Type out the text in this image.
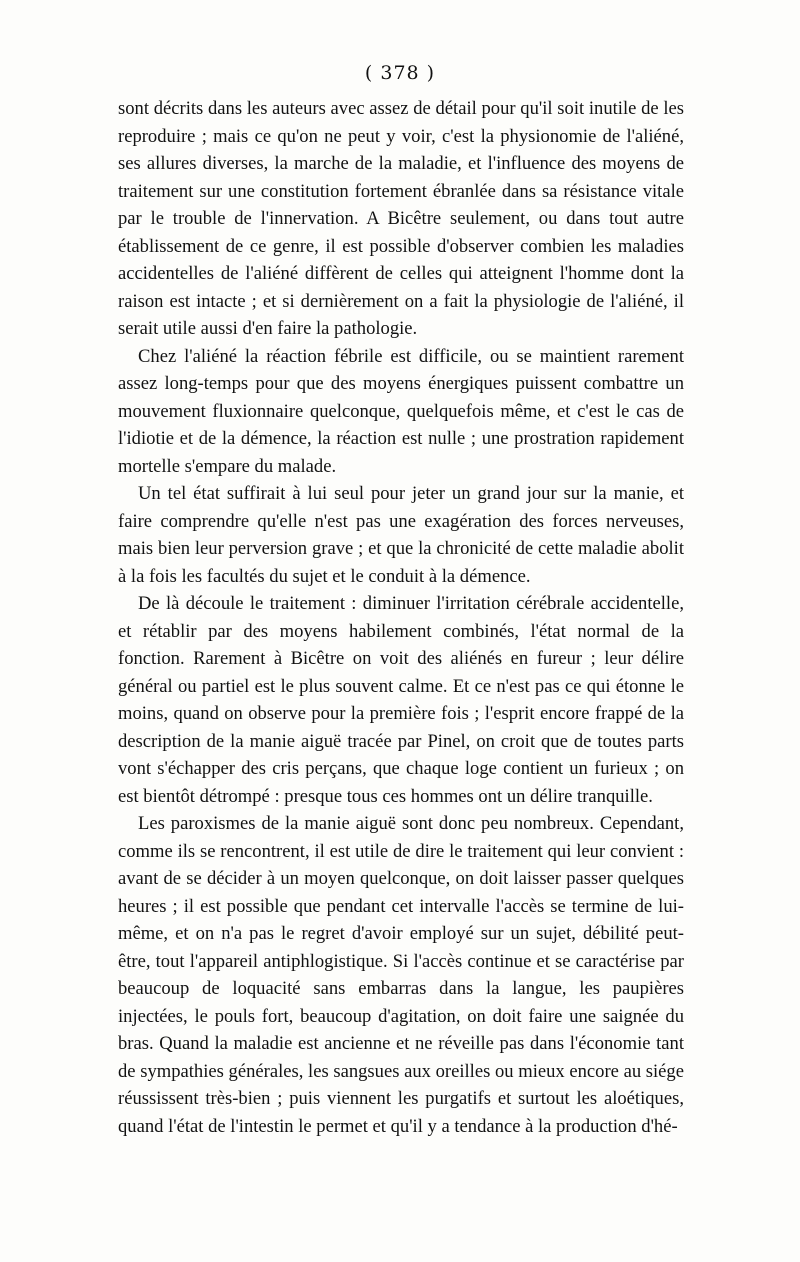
( 378 )

sont décrits dans les auteurs avec assez de détail pour qu'il soit inutile de les reproduire ; mais ce qu'on ne peut y voir, c'est la physionomie de l'aliéné, ses allures diverses, la marche de la maladie, et l'influence des moyens de traitement sur une constitution fortement ébranlée dans sa résistance vitale par le trouble de l'innervation. A Bicêtre seulement, ou dans tout autre établissement de ce genre, il est possible d'observer combien les maladies accidentelles de l'aliéné diffèrent de celles qui atteignent l'homme dont la raison est intacte ; et si dernièrement on a fait la physiologie de l'aliéné, il serait utile aussi d'en faire la pathologie.

Chez l'aliéné la réaction fébrile est difficile, ou se maintient rarement assez long-temps pour que des moyens énergiques puissent combattre un mouvement fluxionnaire quelconque, quelquefois même, et c'est le cas de l'idiotie et de la démence, la réaction est nulle ; une prostration rapidement mortelle s'empare du malade.

Un tel état suffirait à lui seul pour jeter un grand jour sur la manie, et faire comprendre qu'elle n'est pas une exagération des forces nerveuses, mais bien leur perversion grave ; et que la chronicité de cette maladie abolit à la fois les facultés du sujet et le conduit à la démence.

De là découle le traitement : diminuer l'irritation cérébrale accidentelle, et rétablir par des moyens habilement combinés, l'état normal de la fonction. Rarement à Bicêtre on voit des aliénés en fureur ; leur délire général ou partiel est le plus souvent calme. Et ce n'est pas ce qui étonne le moins, quand on observe pour la première fois ; l'esprit encore frappé de la description de la manie aiguë tracée par Pinel, on croit que de toutes parts vont s'échapper des cris perçans, que chaque loge contient un furieux ; on est bientôt détrompé : presque tous ces hommes ont un délire tranquille.

Les paroxismes de la manie aiguë sont donc peu nombreux. Cependant, comme ils se rencontrent, il est utile de dire le traitement qui leur convient : avant de se décider à un moyen quelconque, on doit laisser passer quelques heures ; il est possible que pendant cet intervalle l'accès se termine de lui-même, et on n'a pas le regret d'avoir employé sur un sujet, débilité peut-être, tout l'appareil antiphlogistique. Si l'accès continue et se caractérise par beaucoup de loquacité sans embarras dans la langue, les paupières injectées, le pouls fort, beaucoup d'agitation, on doit faire une saignée du bras. Quand la maladie est ancienne et ne réveille pas dans l'économie tant de sympathies générales, les sangsues aux oreilles ou mieux encore au siége réussissent très-bien ; puis viennent les purgatifs et surtout les aloétiques, quand l'état de l'intestin le permet et qu'il y a tendance à la production d'hé-
